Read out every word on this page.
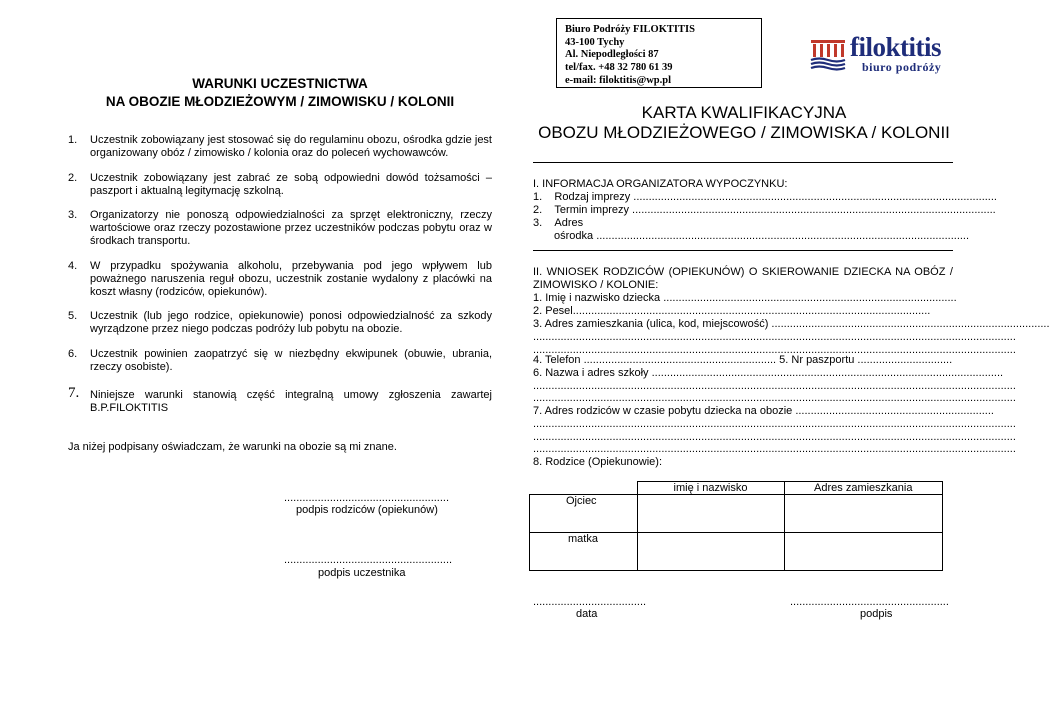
WARUNKI UCZESTNICTWA
NA OBOZIE MŁODZIEŻOWYM / ZIMOWISKU / KOLONII
1.	Uczestnik zobowiązany jest stosować się do regulaminu obozu, ośrodka gdzie jest organizowany obóz / zimowisko / kolonia oraz do poleceń wychowawców.
2.	Uczestnik zobowiązany jest zabrać ze sobą odpowiedni dowód tożsamości – paszport i aktualną legitymację szkolną.
3.	Organizatorzy nie ponoszą odpowiedzialności za sprzęt elektroniczny, rzeczy wartościowe oraz rzeczy pozostawione przez uczestników podczas pobytu oraz w środkach transportu.
4.	W przypadku spożywania alkoholu, przebywania pod jego wpływem lub poważnego naruszenia reguł obozu, uczestnik zostanie wydalony z placówki na koszt własny (rodziców, opiekunów).
5.	Uczestnik (lub jego rodzice, opiekunowie) ponosi odpowiedzialność za szkody wyrządzone przez niego podczas podróży lub pobytu na obozie.
6.	Uczestnik powinien zaopatrzyć się w niezbędny ekwipunek (obuwie, ubrania, rzeczy osobiste).
7. Niniejsze warunki stanowią część integralną umowy zgłoszenia zawartej B.P.FILOKTITIS
Ja niżej podpisany oświadczam, że warunki na obozie są mi znane.
......................................................
podpis rodziców (opiekunów)
.......................................................
podpis uczestnika
Biuro Podróży FILOKTITIS
43-100 Tychy
Al. Niepodległości 87
tel/fax. +48 32 780 61 39
e-mail: filoktitis@wp.pl
filoktitis
biuro podróży
KARTA KWALIFIKACYJNA
OBOZU MŁODZIEŻOWEGO / ZIMOWISKA / KOLONII
I. INFORMACJA ORGANIZATORA WYPOCZYNKU:
1. Rodzaj imprezy .......................................................................................................................
2. Termin imprezy .......................................................................................................................
3. Adres
ośrodka ..........................................................................................................................
II. WNIOSEK RODZICÓW (OPIEKUNÓW) O SKIEROWANIE DZIECKA NA OBÓZ /
ZIMOWISKO / KOLONIE:
1. Imię i nazwisko dziecka ................................................................................................
2. Pesel.....................................................................................................................
3. Adres zamieszkania (ulica, kod, miejscowość) ...........................................................................................
..............................................................................................................................................................
..............................................................................................................................................................
4. Telefon ............................................................... 5. Nr paszportu ...............................
6. Nazwa i adres szkoły ...................................................................................................................
..............................................................................................................................................................
..............................................................................................................................................................
7. Adres rodziców w czasie pobytu dziecka na obozie .................................................................
..............................................................................................................................................................
..............................................................................................................................................................
..............................................................................................................................................................
8. Rodzice (Opiekunowie):
	imię i nazwisko	Adres zamieszkania
Ojciec		
matka		
.....................................
data
....................................................
podpis
